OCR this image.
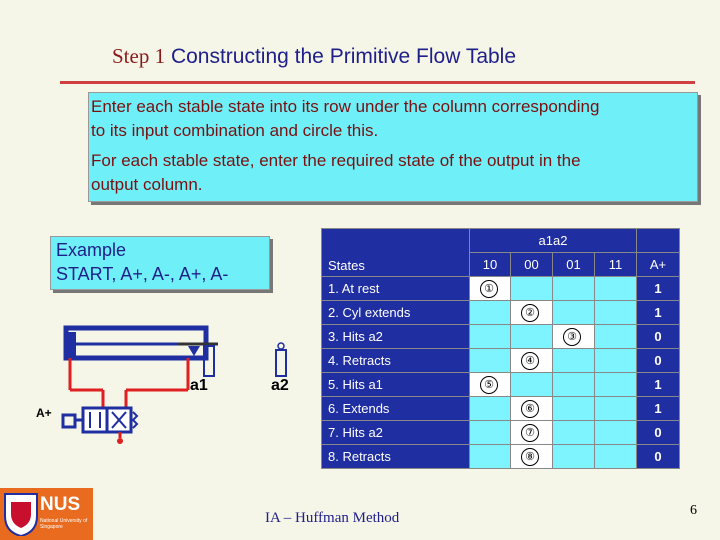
Step 1 Constructing the Primitive Flow Table

Enter each stable state into its row under the column corresponding

to its input combination and circle this.

For each stable state, enter the required state of the output in the

output column.

Example
START, A+, A-, A+, A-
a1	a2
A+
States	a1a2				
	10	00	01	11	A+
1. At rest	①				1
2. Cyl extends		②			1
3. Hits a2			③		0
4. Retracts		④			0
5. Hits a1	⑤				1
6. Extends		⑥			1
7. Hits a2		⑦			0
8. Retracts		⑧			0
NUS
National University of Singapore
IA – Huffman Method	6
